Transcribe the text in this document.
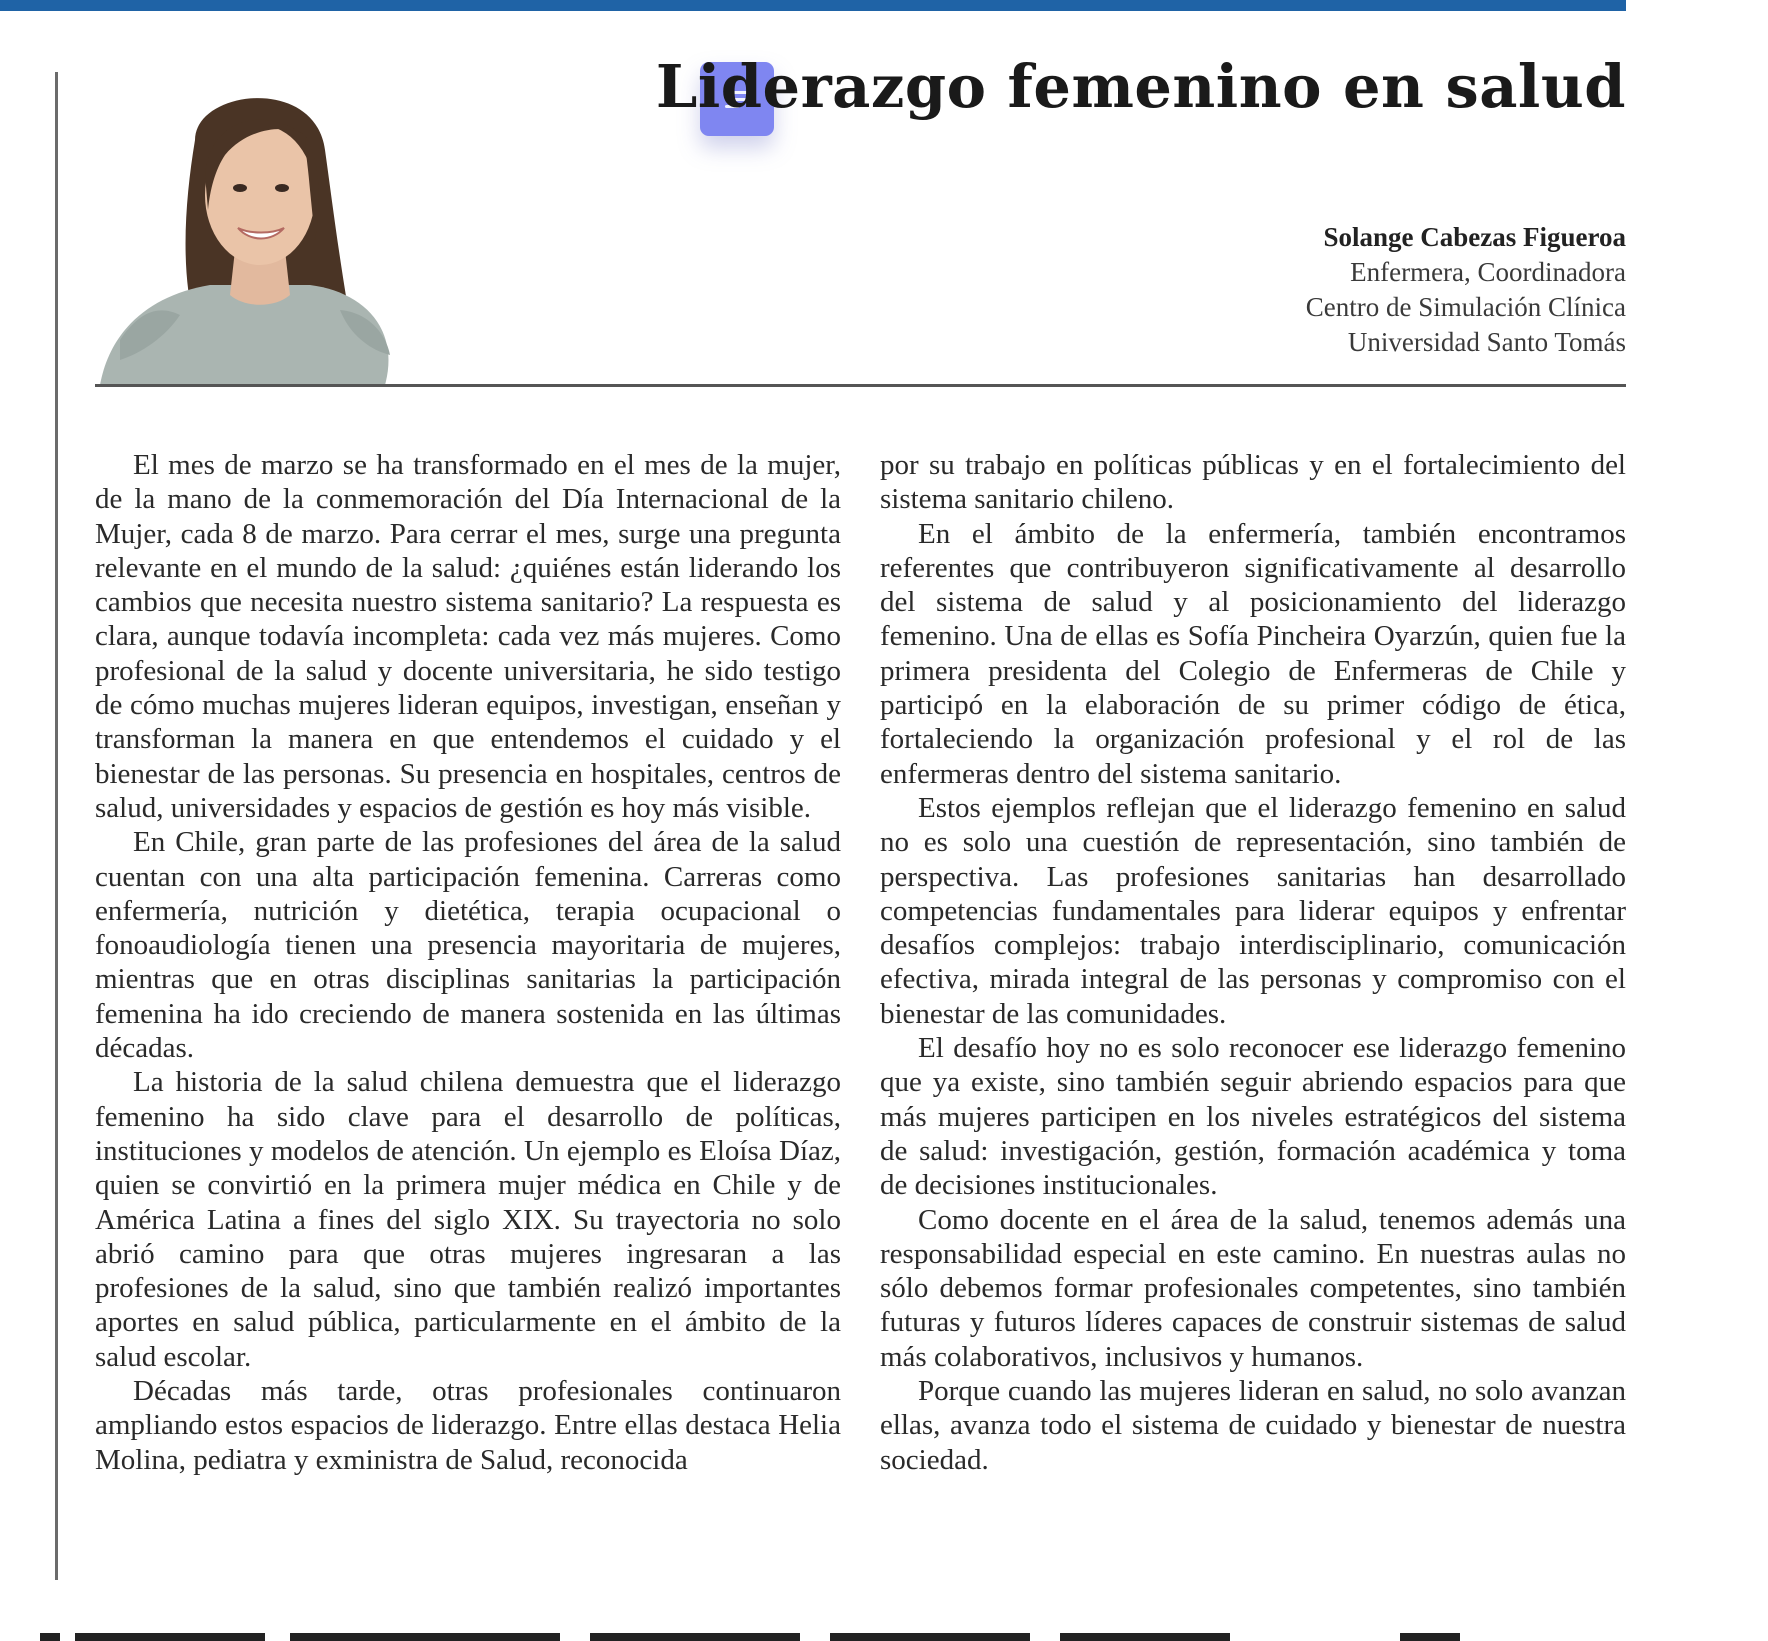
Liderazgo femenino en salud
Solange Cabezas Figueroa
Enfermera, Coordinadora
Centro de Simulación Clínica
Universidad Santo Tomás

El mes de marzo se ha transformado en el mes de la mujer, de la mano de la conmemoración del Día Internacional de la Mujer, cada 8 de marzo. Para cerrar el mes, surge una pregunta relevante en el mundo de la salud: ¿quiénes están liderando los cambios que necesita nuestro sistema sanitario? La respuesta es clara, aunque todavía incompleta: cada vez más mujeres. Como profesional de la salud y docente universitaria, he sido testigo de cómo muchas mujeres lideran equipos, investigan, enseñan y transforman la manera en que entendemos el cuidado y el bienestar de las personas. Su presencia en hospitales, centros de salud, universidades y espacios de gestión es hoy más visible.

En Chile, gran parte de las profesiones del área de la salud cuentan con una alta participación femenina. Carreras como enfermería, nutrición y dietética, terapia ocupacional o fonoaudiología tienen una presencia mayoritaria de mujeres, mientras que en otras disciplinas sanitarias la participación femenina ha ido creciendo de manera sostenida en las últimas décadas.

La historia de la salud chilena demuestra que el liderazgo femenino ha sido clave para el desarrollo de políticas, instituciones y modelos de atención. Un ejemplo es Eloísa Díaz, quien se convirtió en la primera mujer médica en Chile y de América Latina a fines del siglo XIX. Su trayectoria no solo abrió camino para que otras mujeres ingresaran a las profesiones de la salud, sino que también realizó importantes aportes en salud pública, particularmente en el ámbito de la salud escolar.

Décadas más tarde, otras profesionales continuaron ampliando estos espacios de liderazgo. Entre ellas destaca Helia Molina, pediatra y exministra de Salud, reconocida

por su trabajo en políticas públicas y en el fortalecimiento del sistema sanitario chileno.

En el ámbito de la enfermería, también encontramos referentes que contribuyeron significativamente al desarrollo del sistema de salud y al posicionamiento del liderazgo femenino. Una de ellas es Sofía Pincheira Oyarzún, quien fue la primera presidenta del Colegio de Enfermeras de Chile y participó en la elaboración de su primer código de ética, fortaleciendo la organización profesional y el rol de las enfermeras dentro del sistema sanitario.

Estos ejemplos reflejan que el liderazgo femenino en salud no es solo una cuestión de representación, sino también de perspectiva. Las profesiones sanitarias han desarrollado competencias fundamentales para liderar equipos y enfrentar desafíos complejos: trabajo interdisciplinario, comunicación efectiva, mirada integral de las personas y compromiso con el bienestar de las comunidades.

El desafío hoy no es solo reconocer ese liderazgo femenino que ya existe, sino también seguir abriendo espacios para que más mujeres participen en los niveles estratégicos del sistema de salud: investigación, gestión, formación académica y toma de decisiones institucionales.

Como docente en el área de la salud, tenemos además una responsabilidad especial en este camino. En nuestras aulas no sólo debemos formar profesionales competentes, sino también futuras y futuros líderes capaces de construir sistemas de salud más colaborativos, inclusivos y humanos.

Porque cuando las mujeres lideran en salud, no solo avanzan ellas, avanza todo el sistema de cuidado y bienestar de nuestra sociedad.
